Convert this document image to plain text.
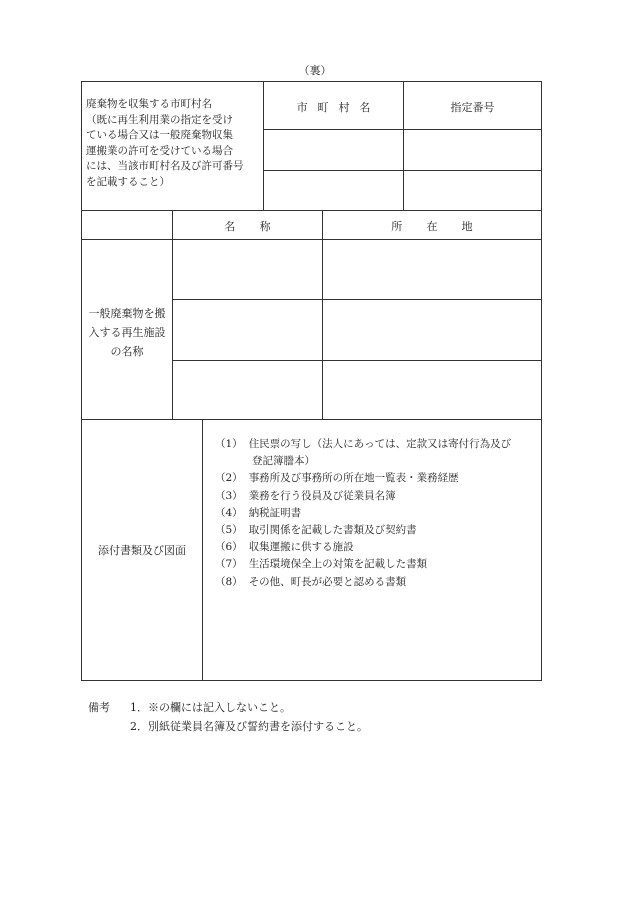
（裏）
廃棄物を収集する市町村名
（既に再生利用業の指定を受け
ている場合又は一般廃棄物収集
運搬業の許可を受けている場合
には、当該市町村名及び許可番号
を記載すること）
市町村名	指定番号
名称	所在地
一般廃棄物を搬
入する再生施設
の名称
添付書類及び図面
（1） 住民票の写し（法人にあっては、定款又は寄付行為及び
登記簿謄本）
（2） 事務所及び事務所の所在地一覧表・業務経歴
（3） 業務を行う役員及び従業員名簿
（4） 納税証明書
（5） 取引関係を記載した書類及び契約書
（6） 収集運搬に供する施設
（7） 生活環境保全上の対策を記載した書類
（8） その他、町長が必要と認める書類
備考 1．※の欄には記入しないこと。
2．別紙従業員名簿及び誓約書を添付すること。
